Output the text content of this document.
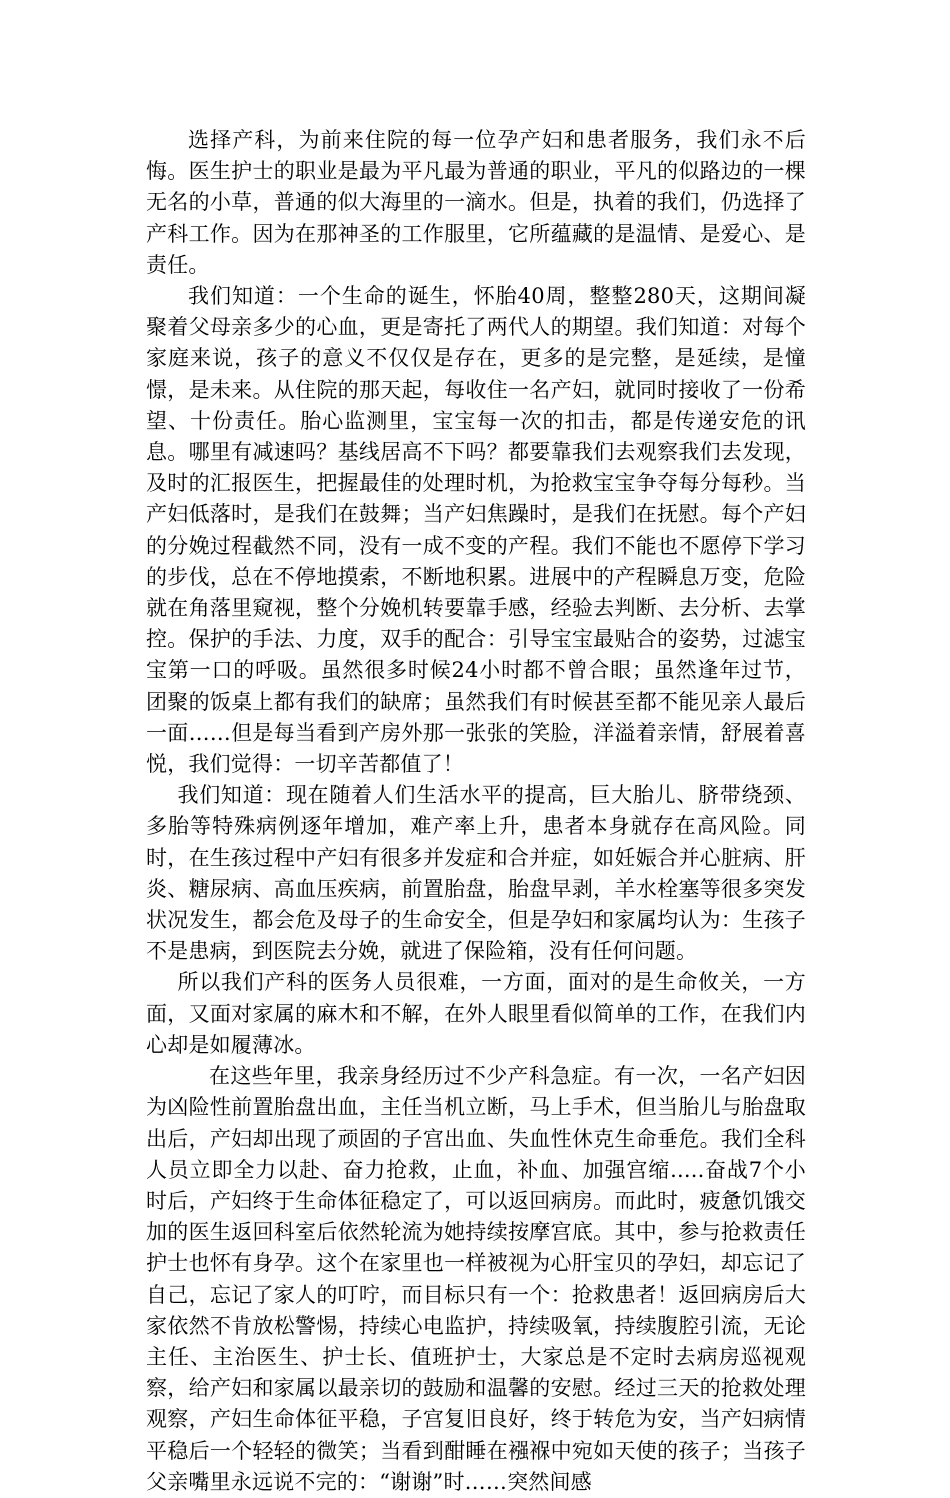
选择产科，为前来住院的每一位孕产妇和患者服务，我们永不后悔。医生护士的职业是最为平凡最为普通的职业，平凡的似路边的一棵无名的小草，普通的似大海里的一滴水。但是，执着的我们，仍选择了产科工作。因为在那神圣的工作服里，它所蕴藏的是温情、是爱心、是责任。

我们知道：一个生命的诞生，怀胎40周，整整280天，这期间凝聚着父母亲多少的心血，更是寄托了两代人的期望。我们知道：对每个家庭来说，孩子的意义不仅仅是存在，更多的是完整，是延续，是憧憬，是未来。从住院的那天起，每收住一名产妇，就同时接收了一份希望、十份责任。胎心监测里，宝宝每一次的扣击，都是传递安危的讯息。哪里有减速吗？基线居高不下吗？都要靠我们去观察我们去发现，及时的汇报医生，把握最佳的处理时机，为抢救宝宝争夺每分每秒。当产妇低落时，是我们在鼓舞；当产妇焦躁时，是我们在抚慰。每个产妇的分娩过程截然不同，没有一成不变的产程。我们不能也不愿停下学习的步伐，总在不停地摸索，不断地积累。进展中的产程瞬息万变，危险就在角落里窥视，整个分娩机转要靠手感，经验去判断、去分析、去掌控。保护的手法、力度，双手的配合：引导宝宝最贴合的姿势，过滤宝宝第一口的呼吸。虽然很多时候24小时都不曾合眼；虽然逢年过节，团聚的饭桌上都有我们的缺席；虽然我们有时候甚至都不能见亲人最后一面……但是每当看到产房外那一张张的笑脸，洋溢着亲情，舒展着喜悦，我们觉得：一切辛苦都值了！

我们知道：现在随着人们生活水平的提高，巨大胎儿、脐带绕颈、多胎等特殊病例逐年增加，难产率上升，患者本身就存在高风险。同时，在生孩过程中产妇有很多并发症和合并症，如妊娠合并心脏病、肝炎、糖尿病、高血压疾病，前置胎盘，胎盘早剥，羊水栓塞等很多突发状况发生，都会危及母子的生命安全，但是孕妇和家属均认为：生孩子不是患病，到医院去分娩，就进了保险箱，没有任何问题。

所以我们产科的医务人员很难，一方面，面对的是生命攸关，一方面，又面对家属的麻木和不解，在外人眼里看似简单的工作，在我们内心却是如履薄冰。

在这些年里，我亲身经历过不少产科急症。有一次，一名产妇因为凶险性前置胎盘出血，主任当机立断，马上手术，但当胎儿与胎盘取出后，产妇却出现了顽固的子宫出血、失血性休克生命垂危。我们全科人员立即全力以赴、奋力抢救，止血，补血、加强宫缩.....奋战7个小时后，产妇终于生命体征稳定了，可以返回病房。而此时，疲惫饥饿交加的医生返回科室后依然轮流为她持续按摩宫底。其中，参与抢救责任护士也怀有身孕。这个在家里也一样被视为心肝宝贝的孕妇，却忘记了自己，忘记了家人的叮咛，而目标只有一个：抢救患者！返回病房后大家依然不肯放松警惕，持续心电监护，持续吸氧，持续腹腔引流，无论主任、主治医生、护士长、值班护士，大家总是不定时去病房巡视观察，给产妇和家属以最亲切的鼓励和温馨的安慰。经过三天的抢救处理观察，产妇生命体征平稳，子宫复旧良好，终于转危为安，当产妇病情平稳后一个轻轻的微笑；当看到酣睡在襁褓中宛如天使的孩子；当孩子父亲嘴里永远说不完的：“谢谢”时……突然间感
